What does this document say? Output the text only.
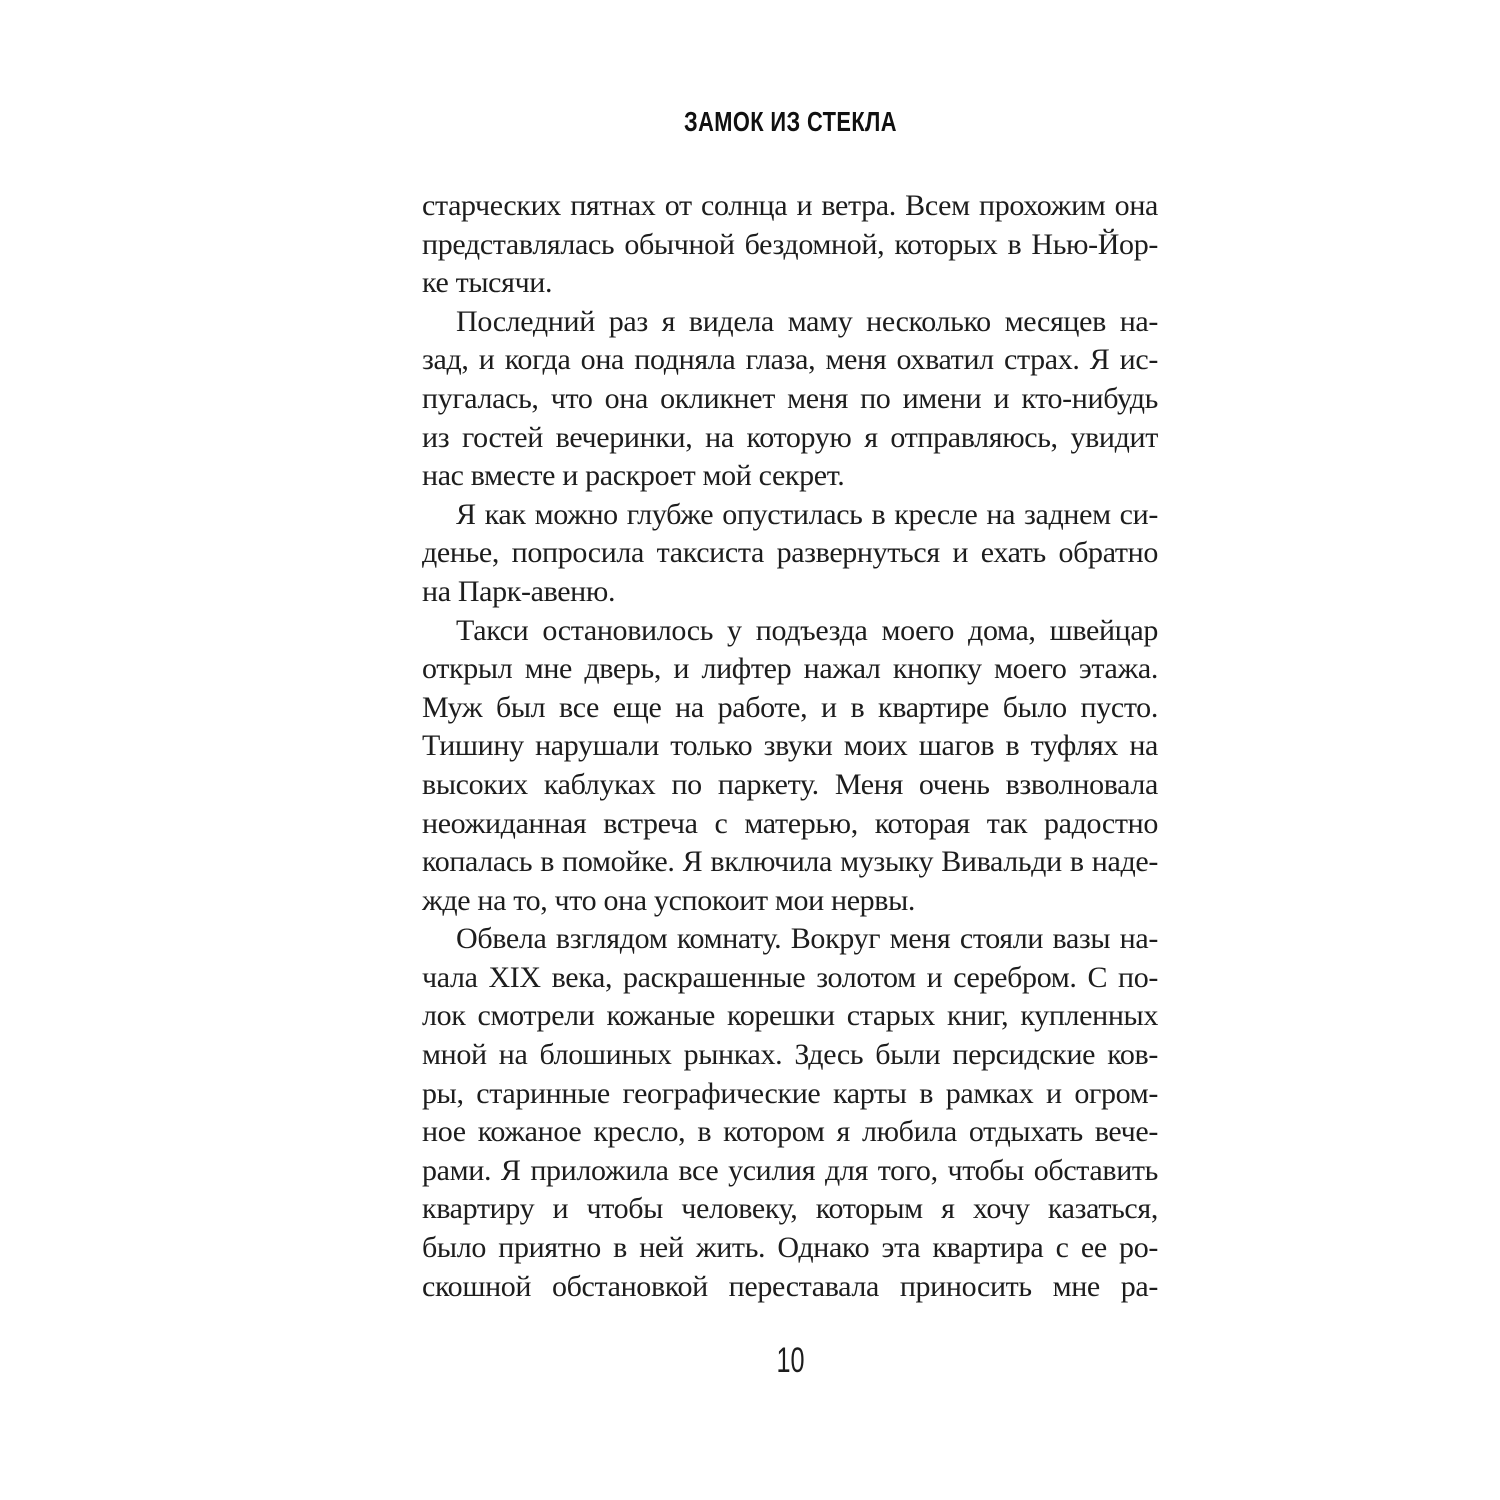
ЗАМОК ИЗ СТЕКЛА

старческих пятнах от солнца и ветра. Всем прохожим она
представлялась обычной бездомной, которых в Нью-Йор-
ке тысячи.

Последний раз я видела маму несколько месяцев на-
зад, и когда она подняла глаза, меня охватил страх. Я ис-
пугалась, что она окликнет меня по имени и кто-нибудь
из гостей вечеринки, на которую я отправляюсь, увидит
нас вместе и раскроет мой секрет.

Я как можно глубже опустилась в кресле на заднем си-
денье, попросила таксиста развернуться и ехать обратно
на Парк-авеню.

Такси остановилось у подъезда моего дома, швейцар
открыл мне дверь, и лифтер нажал кнопку моего этажа.
Муж был все еще на работе, и в квартире было пусто.
Тишину нарушали только звуки моих шагов в туфлях на
высоких каблуках по паркету. Меня очень взволновала
неожиданная встреча с матерью, которая так радостно
копалась в помойке. Я включила музыку Вивальди в наде-
жде на то, что она успокоит мои нервы.

Обвела взглядом комнату. Вокруг меня стояли вазы на-
чала XIX века, раскрашенные золотом и серебром. С по-
лок смотрели кожаные корешки старых книг, купленных
мной на блошиных рынках. Здесь были персидские ков-
ры, старинные географические карты в рамках и огром-
ное кожаное кресло, в котором я любила отдыхать вече-
рами. Я приложила все усилия для того, чтобы обставить
квартиру и чтобы человеку, которым я хочу казаться,
было приятно в ней жить. Однако эта квартира с ее ро-
скошной обстановкой переставала приносить мне ра-

10
